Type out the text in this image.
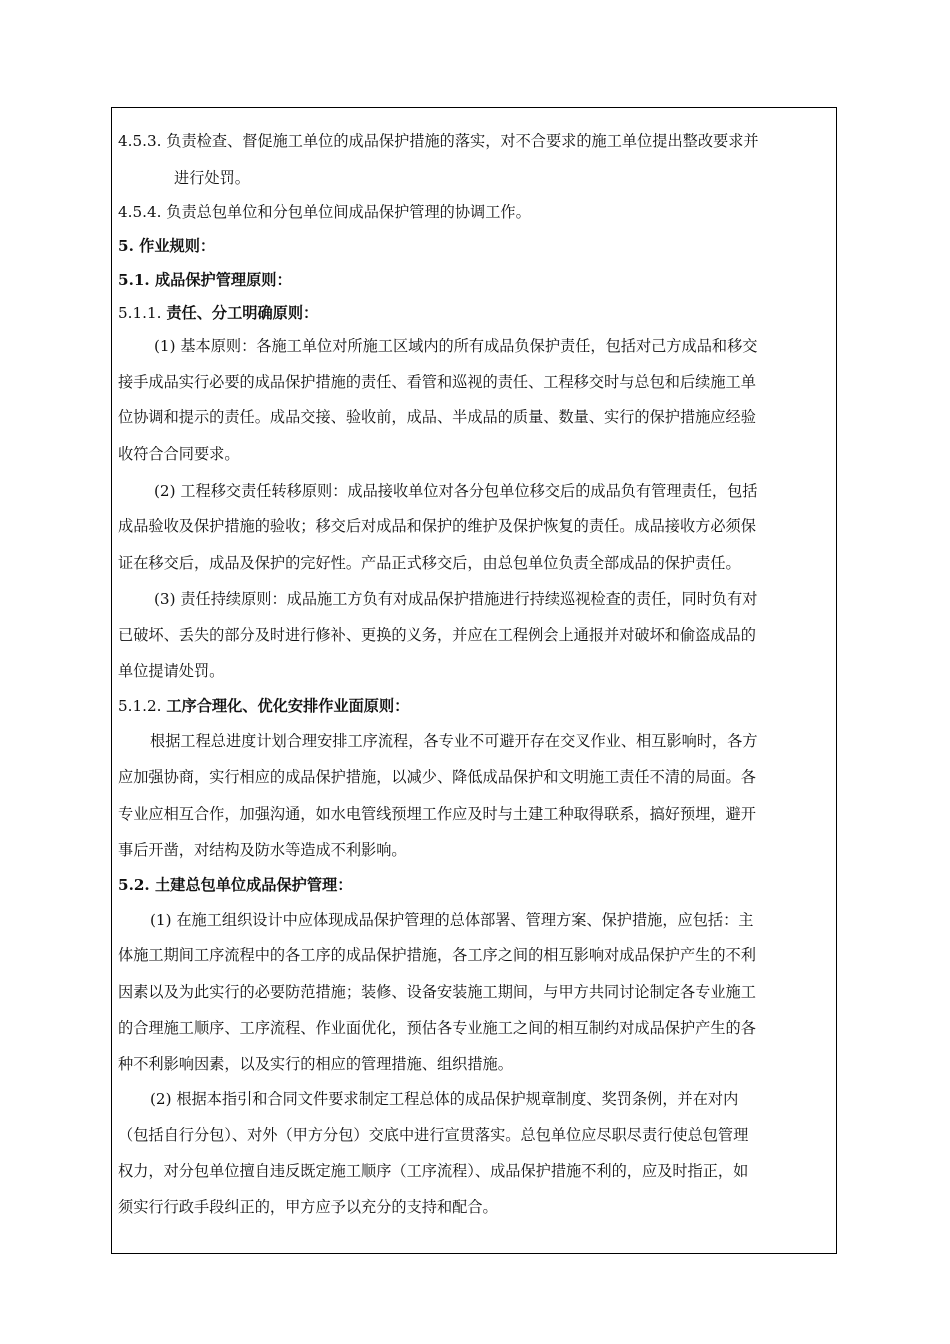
4.5.3. 负责检查、督促施工单位的成品保护措施的落实，对不合要求的施工单位提出整改要求并
进行处罚。
4.5.4. 负责总包单位和分包单位间成品保护管理的协调工作。
5. 作业规则：
5.1. 成品保护管理原则：
5.1.1. 责任、分工明确原则：
(1) 基本原则：各施工单位对所施工区域内的所有成品负保护责任，包括对己方成品和移交
接手成品实行必要的成品保护措施的责任、看管和巡视的责任、工程移交时与总包和后续施工单
位协调和提示的责任。成品交接、验收前，成品、半成品的质量、数量、实行的保护措施应经验
收符合合同要求。
(2) 工程移交责任转移原则：成品接收单位对各分包单位移交后的成品负有管理责任，包括
成品验收及保护措施的验收；移交后对成品和保护的维护及保护恢复的责任。成品接收方必须保
证在移交后，成品及保护的完好性。产品正式移交后，由总包单位负责全部成品的保护责任。
(3) 责任持续原则：成品施工方负有对成品保护措施进行持续巡视检查的责任，同时负有对
已破坏、丢失的部分及时进行修补、更换的义务，并应在工程例会上通报并对破坏和偷盗成品的
单位提请处罚。
5.1.2. 工序合理化、优化安排作业面原则：
根据工程总进度计划合理安排工序流程，各专业不可避开存在交叉作业、相互影响时，各方
应加强协商，实行相应的成品保护措施，以减少、降低成品保护和文明施工责任不清的局面。各
专业应相互合作，加强沟通，如水电管线预埋工作应及时与土建工种取得联系，搞好预埋，避开
事后开凿，对结构及防水等造成不利影响。
5.2. 土建总包单位成品保护管理：
(1) 在施工组织设计中应体现成品保护管理的总体部署、管理方案、保护措施，应包括：主
体施工期间工序流程中的各工序的成品保护措施，各工序之间的相互影响对成品保护产生的不利
因素以及为此实行的必要防范措施；装修、设备安装施工期间，与甲方共同讨论制定各专业施工
的合理施工顺序、工序流程、作业面优化，预估各专业施工之间的相互制约对成品保护产生的各
种不利影响因素，以及实行的相应的管理措施、组织措施。
(2) 根据本指引和合同文件要求制定工程总体的成品保护规章制度、奖罚条例，并在对内
（包括自行分包）、对外（甲方分包）交底中进行宣贯落实。总包单位应尽职尽责行使总包管理
权力，对分包单位擅自违反既定施工顺序（工序流程）、成品保护措施不利的，应及时指正，如
须实行行政手段纠正的，甲方应予以充分的支持和配合。
